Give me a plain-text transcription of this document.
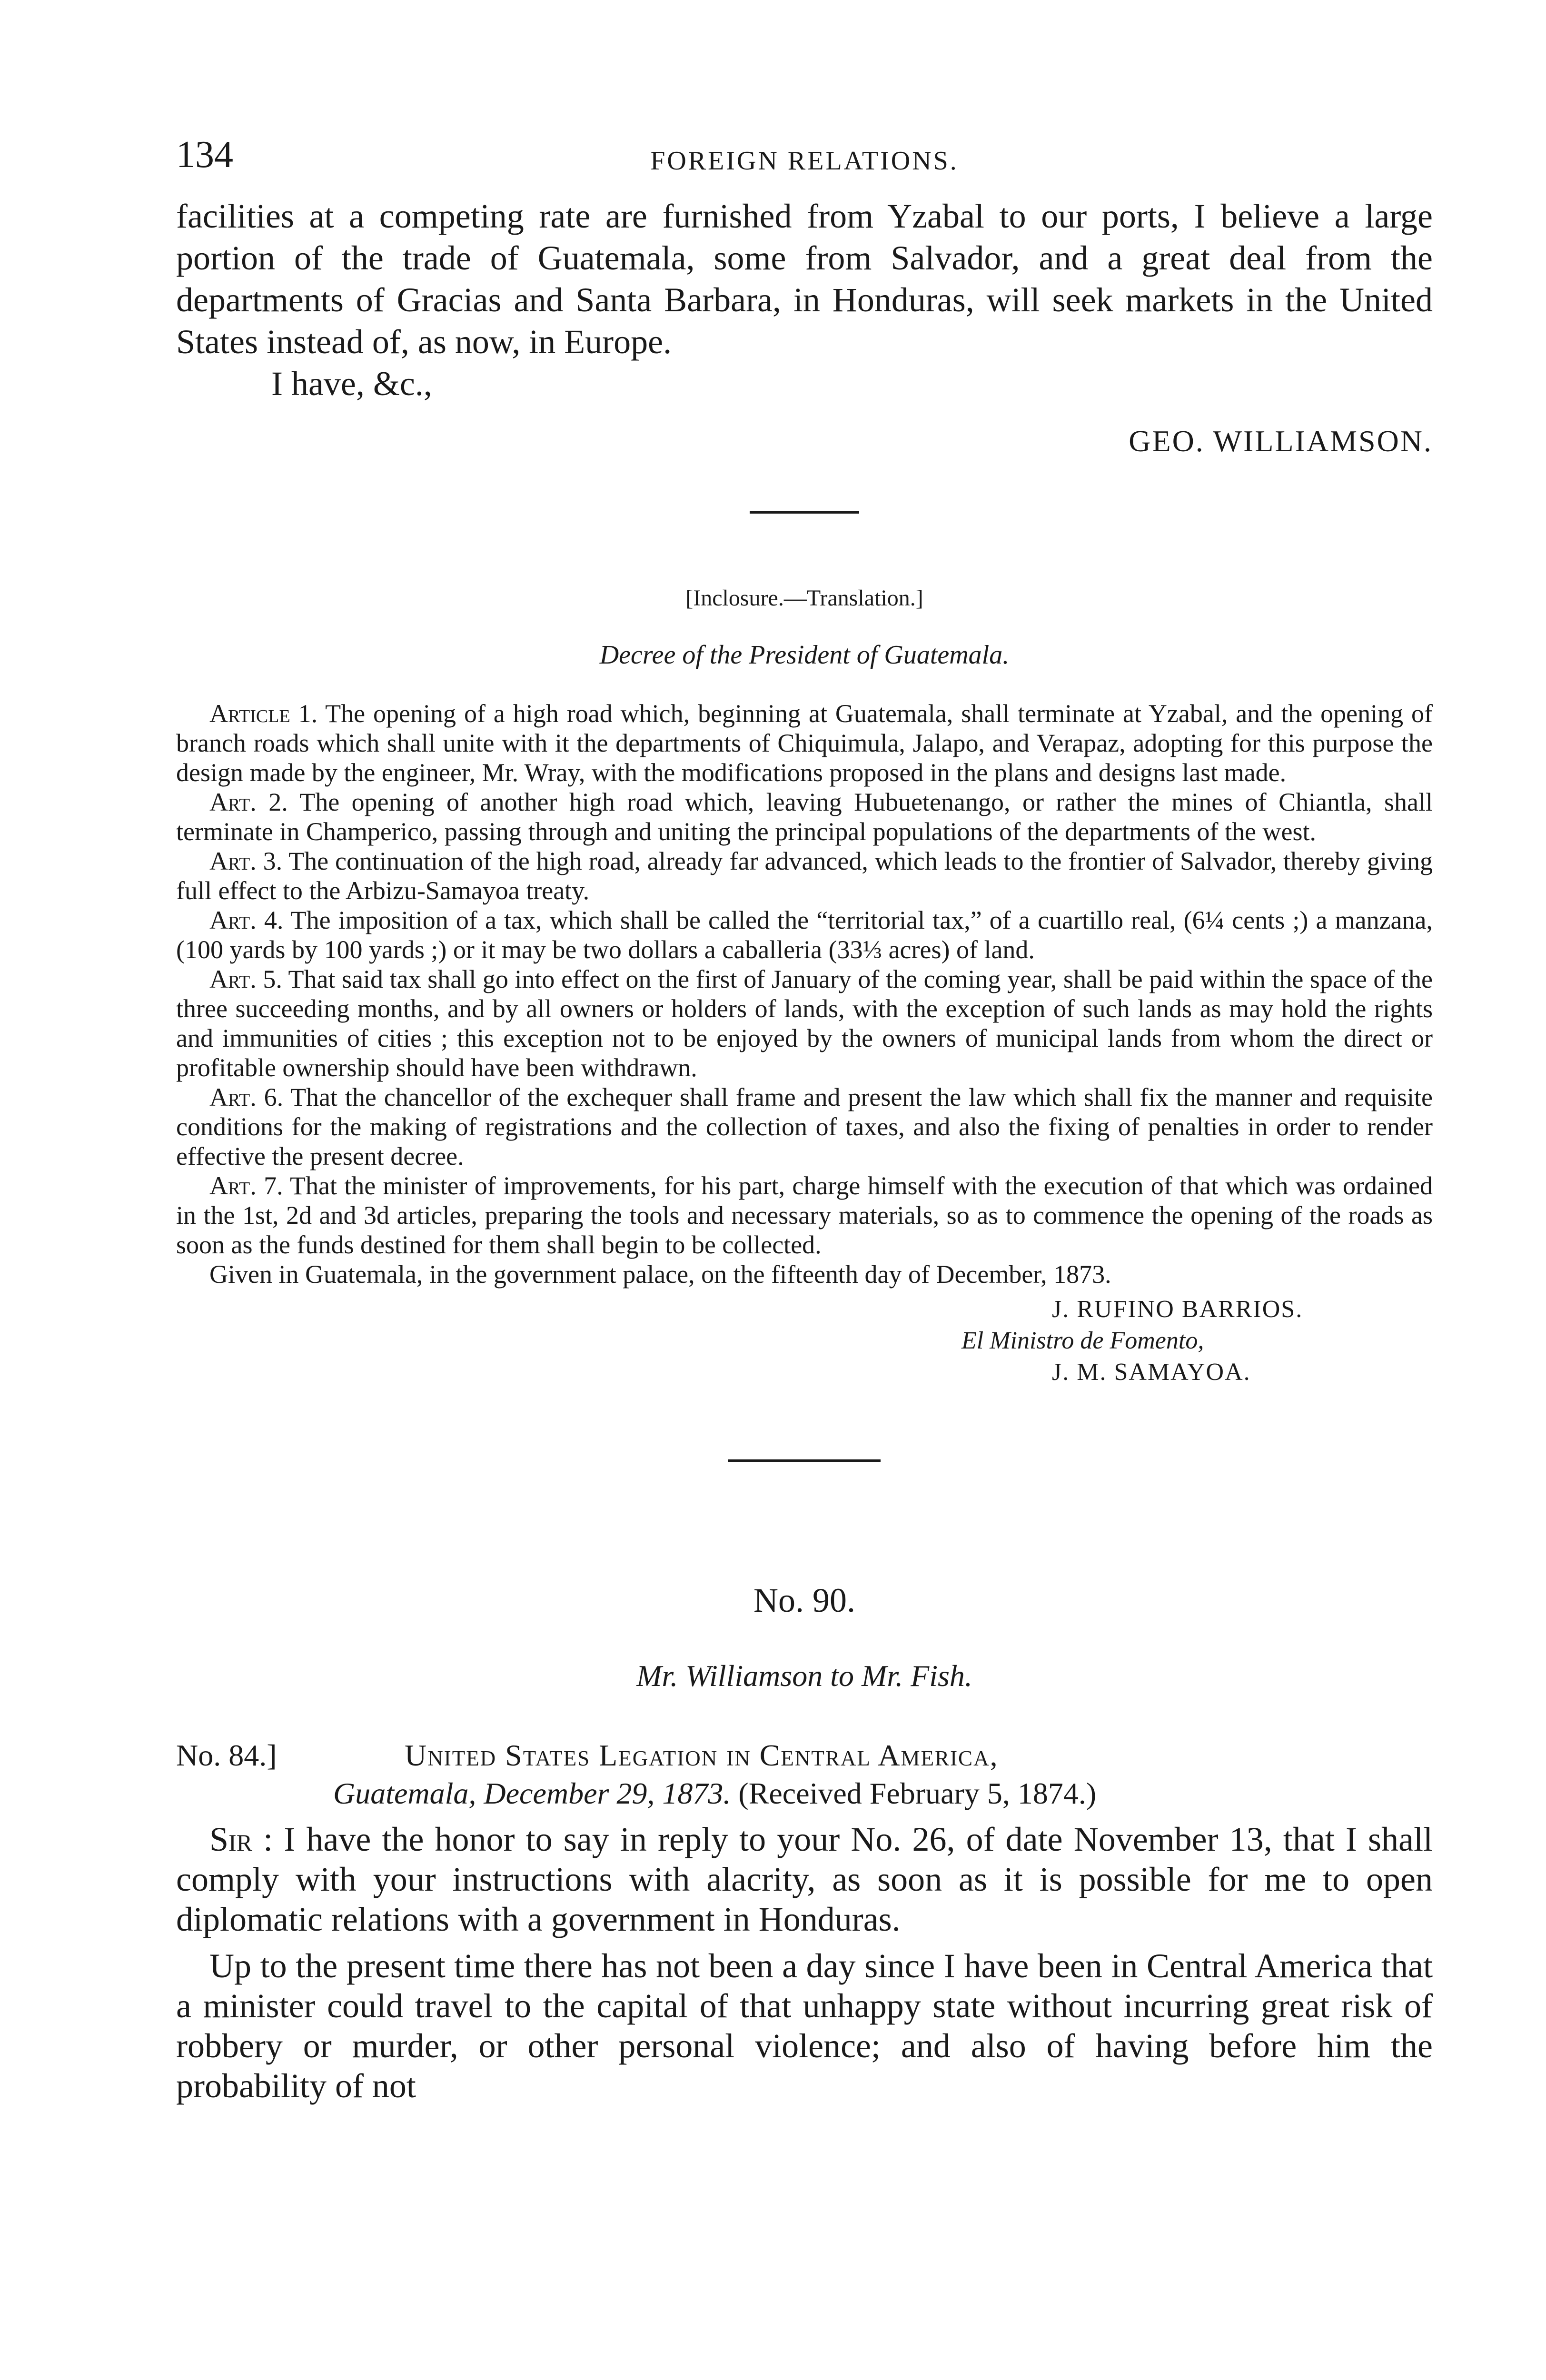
134	FOREIGN RELATIONS.

facilities at a competing rate are furnished from Yzabal to our ports, I believe a large portion of the trade of Guatemala, some from Salvador, and a great deal from the departments of Gracias and Santa Barbara, in Honduras, will seek markets in the United States instead of, as now, in Europe.

I have, &c.,

GEO. WILLIAMSON.

[Inclosure.—Translation.]
Decree of the President of Guatemala.

Article 1. The opening of a high road which, beginning at Guatemala, shall terminate at Yzabal, and the opening of branch roads which shall unite with it the departments of Chiquimula, Jalapo, and Verapaz, adopting for this purpose the design made by the engineer, Mr. Wray, with the modifications proposed in the plans and designs last made.

Art. 2. The opening of another high road which, leaving Hubuetenango, or rather the mines of Chiantla, shall terminate in Champerico, passing through and uniting the principal populations of the departments of the west.

Art. 3. The continuation of the high road, already far advanced, which leads to the frontier of Salvador, thereby giving full effect to the Arbizu-Samayoa treaty.

Art. 4. The imposition of a tax, which shall be called the “territorial tax,” of a cuartillo real, (6¼ cents ;) a manzana, (100 yards by 100 yards ;) or it may be two dollars a caballeria (33⅓ acres) of land.

Art. 5. That said tax shall go into effect on the first of January of the coming year, shall be paid within the space of the three succeeding months, and by all owners or holders of lands, with the exception of such lands as may hold the rights and immunities of cities ; this exception not to be enjoyed by the owners of municipal lands from whom the direct or profitable ownership should have been withdrawn.

Art. 6. That the chancellor of the exchequer shall frame and present the law which shall fix the manner and requisite conditions for the making of registrations and the collection of taxes, and also the fixing of penalties in order to render effective the present decree.

Art. 7. That the minister of improvements, for his part, charge himself with the execution of that which was ordained in the 1st, 2d and 3d articles, preparing the tools and necessary materials, so as to commence the opening of the roads as soon as the funds destined for them shall begin to be collected.

Given in Guatemala, in the government palace, on the fifteenth day of December, 1873.

J. RUFINO BARRIOS.
El Ministro de Fomento,
J. M. SAMAYOA.
No. 90.
Mr. Williamson to Mr. Fish.
No. 84.]	United States Legation in Central America,
Guatemala, December 29, 1873. (Received February 5, 1874.)

Sir : I have the honor to say in reply to your No. 26, of date November 13, that I shall comply with your instructions with alacrity, as soon as it is possible for me to open diplomatic relations with a government in Honduras.

Up to the present time there has not been a day since I have been in Central America that a minister could travel to the capital of that unhappy state without incurring great risk of robbery or murder, or other personal violence; and also of having before him the probability of not
